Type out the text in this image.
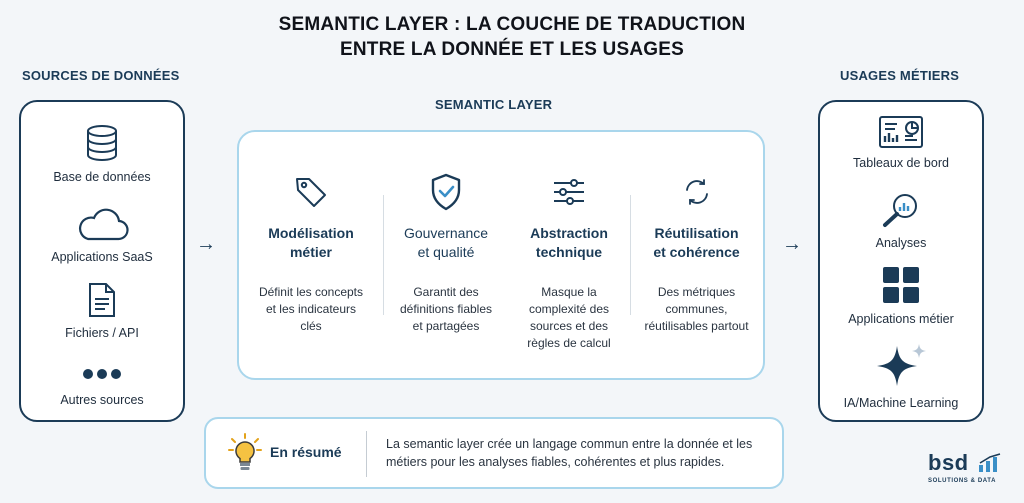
SEMANTIC LAYER : LA COUCHE DE TRADUCTION
ENTRE LA DONNÉE ET LES USAGES
SOURCES DE DONNÉES
SEMANTIC LAYER
USAGES MÉTIERS
Base de données
Applications SaaS
Fichiers / API
Autres sources
→	→
Modélisation
métier
Définit les concepts
et les indicateurs
clés
Gouvernance
et qualité
Garantit des
définitions fiables
et partagées
Abstraction
technique
Masque la
complexité des
sources et des
règles de calcul
Réutilisation
et cohérence
Des métriques
communes,
réutilisables partout
Tableaux de bord
Analyses
Applications métier
IA/Machine Learning
En résumé	La semantic layer crée un langage commun entre la donnée et les métiers pour les analyses fiables, cohérentes et plus rapides.	bsd
SOLUTIONS & DATA
